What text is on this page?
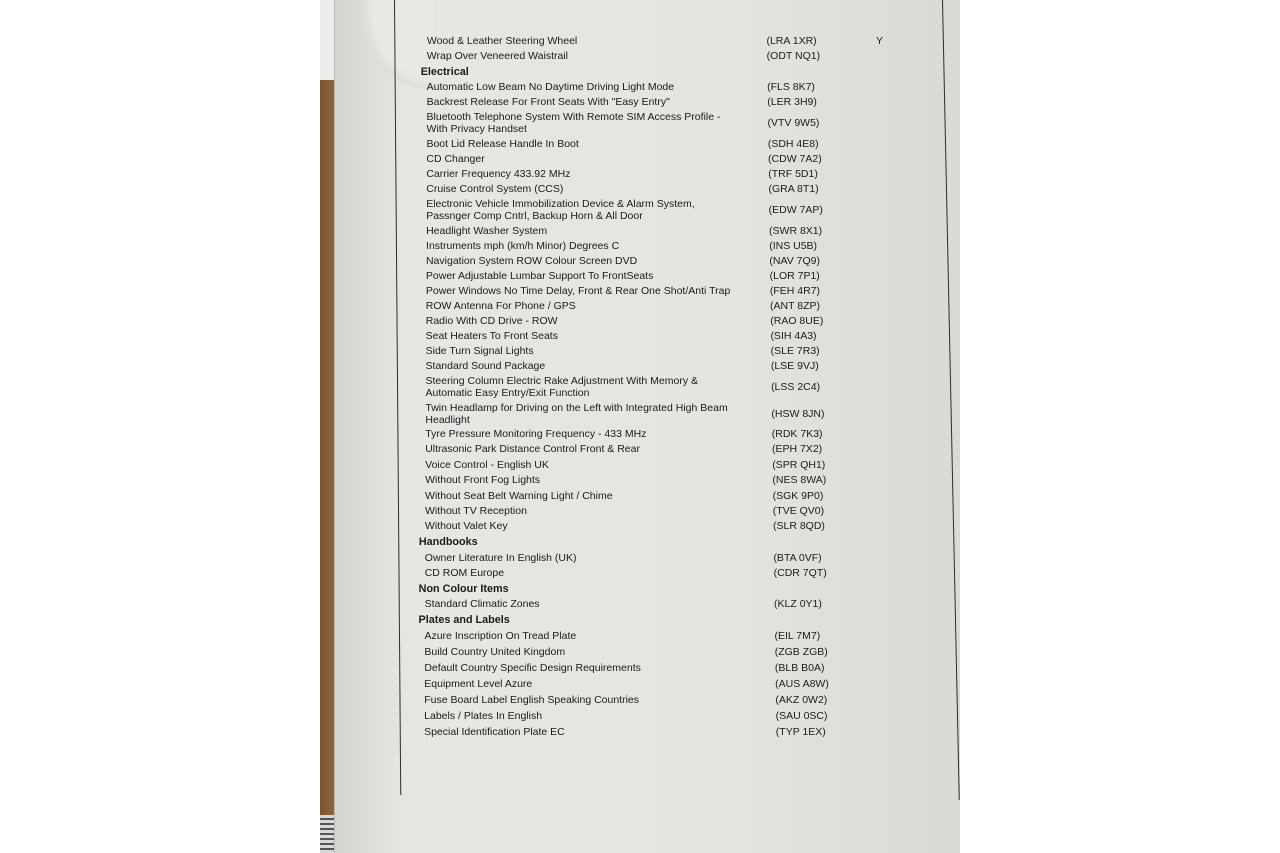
Wood & Leather Steering Wheel	(LRA 1XR)	Y
Wrap Over Veneered Waistrail	(ODT NQ1)
Electrical
Automatic Low Beam No Daytime Driving Light Mode	(FLS 8K7)
Backrest Release For Front Seats With "Easy Entry"	(LER 3H9)
Bluetooth Telephone System With Remote SIM Access Profile -
With Privacy Handset	(VTV 9W5)
Boot Lid Release Handle In Boot	(SDH 4E8)
CD Changer	(CDW 7A2)
Carrier Frequency 433.92 MHz	(TRF 5D1)
Cruise Control System (CCS)	(GRA 8T1)
Electronic Vehicle Immobilization Device & Alarm System,
Passnger Comp Cntrl, Backup Horn & All Door	(EDW 7AP)
Headlight Washer System	(SWR 8X1)
Instruments mph (km/h Minor) Degrees C	(INS U5B)
Navigation System ROW Colour Screen DVD	(NAV 7Q9)
Power Adjustable Lumbar Support To FrontSeats	(LOR 7P1)
Power Windows No Time Delay, Front & Rear One Shot/Anti Trap	(FEH 4R7)
ROW Antenna For Phone / GPS	(ANT 8ZP)
Radio With CD Drive - ROW	(RAO 8UE)
Seat Heaters To Front Seats	(SIH 4A3)
Side Turn Signal Lights	(SLE 7R3)
Standard Sound Package	(LSE 9VJ)
Steering Column Electric Rake Adjustment With Memory &
Automatic Easy Entry/Exit Function	(LSS 2C4)
Twin Headlamp for Driving on the Left with Integrated High Beam
Headlight	(HSW 8JN)
Tyre Pressure Monitoring Frequency - 433 MHz	(RDK 7K3)
Ultrasonic Park Distance Control Front & Rear	(EPH 7X2)
Voice Control - English UK	(SPR QH1)
Without Front Fog Lights	(NES 8WA)
Without Seat Belt Warning Light / Chime	(SGK 9P0)
Without TV Reception	(TVE QV0)
Without Valet Key	(SLR 8QD)
Handbooks
Owner Literature In English (UK)	(BTA 0VF)
CD ROM Europe	(CDR 7QT)
Non Colour Items
Standard Climatic Zones	(KLZ 0Y1)
Plates and Labels
Azure Inscription On Tread Plate	(EIL 7M7)
Build Country United Kingdom	(ZGB ZGB)
Default Country Specific Design Requirements	(BLB B0A)
Equipment Level Azure	(AUS A8W)
Fuse Board Label English Speaking Countries	(AKZ 0W2)
Labels / Plates In English	(SAU 0SC)
Special Identification Plate EC	(TYP 1EX)
